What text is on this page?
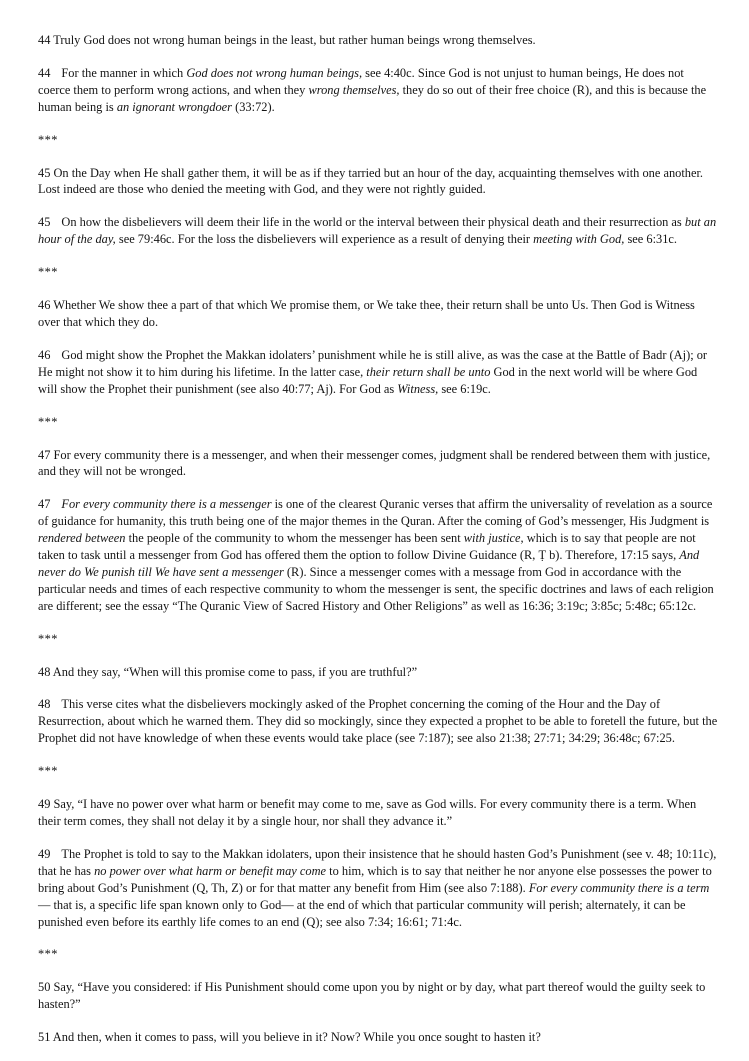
44 Truly God does not wrong human beings in the least, but rather human beings wrong themselves.

44 For the manner in which God does not wrong human beings, see 4:40c. Since God is not unjust to human beings, He does not coerce them to perform wrong actions, and when they wrong themselves, they do so out of their free choice (R), and this is because the human being is an ignorant wrongdoer (33:72).

***

45 On the Day when He shall gather them, it will be as if they tarried but an hour of the day, acquainting themselves with one another. Lost indeed are those who denied the meeting with God, and they were not rightly guided.

45 On how the disbelievers will deem their life in the world or the interval between their physical death and their resurrection as but an hour of the day, see 79:46c. For the loss the disbelievers will experience as a result of denying their meeting with God, see 6:31c.

***

46 Whether We show thee a part of that which We promise them, or We take thee, their return shall be unto Us. Then God is Witness over that which they do.

46 God might show the Prophet the Makkan idolaters’ punishment while he is still alive, as was the case at the Battle of Badr (Aj); or He might not show it to him during his lifetime. In the latter case, their return shall be unto God in the next world will be where God will show the Prophet their punishment (see also 40:77; Aj). For God as Witness, see 6:19c.

***

47 For every community there is a messenger, and when their messenger comes, judgment shall be rendered between them with justice, and they will not be wronged.

47 For every community there is a messenger is one of the clearest Quranic verses that affirm the universality of revelation as a source of guidance for humanity, this truth being one of the major themes in the Quran. After the coming of God’s messenger, His Judgment is rendered between the people of the community to whom the messenger has been sent with justice, which is to say that people are not taken to task until a messenger from God has offered them the option to follow Divine Guidance (R, Ṭ b). Therefore, 17:15 says, And never do We punish till We have sent a messenger (R). Since a messenger comes with a message from God in accordance with the particular needs and times of each respective community to whom the messenger is sent, the specific doctrines and laws of each religion are different; see the essay “The Quranic View of Sacred History and Other Religions” as well as 16:36; 3:19c; 3:85c; 5:48c; 65:12c.

***

48 And they say, “When will this promise come to pass, if you are truthful?”

48 This verse cites what the disbelievers mockingly asked of the Prophet concerning the coming of the Hour and the Day of Resurrection, about which he warned them. They did so mockingly, since they expected a prophet to be able to foretell the future, but the Prophet did not have knowledge of when these events would take place (see 7:187); see also 21:38; 27:71; 34:29; 36:48c; 67:25.

***

49 Say, “I have no power over what harm or benefit may come to me, save as God wills. For every community there is a term. When their term comes, they shall not delay it by a single hour, nor shall they advance it.”

49 The Prophet is told to say to the Makkan idolaters, upon their insistence that he should hasten God’s Punishment (see v. 48; 10:11c), that he has no power over what harm or benefit may come to him, which is to say that neither he nor anyone else possesses the power to bring about God’s Punishment (Q, Th, Z) or for that matter any benefit from Him (see also 7:188). For every community there is a term— that is, a specific life span known only to God— at the end of which that particular community will perish; alternately, it can be punished even before its earthly life comes to an end (Q); see also 7:34; 16:61; 71:4c.

***

50 Say, “Have you considered: if His Punishment should come upon you by night or by day, what part thereof would the guilty seek to hasten?”

51 And then, when it comes to pass, will you believe in it? Now? While you once sought to hasten it?
